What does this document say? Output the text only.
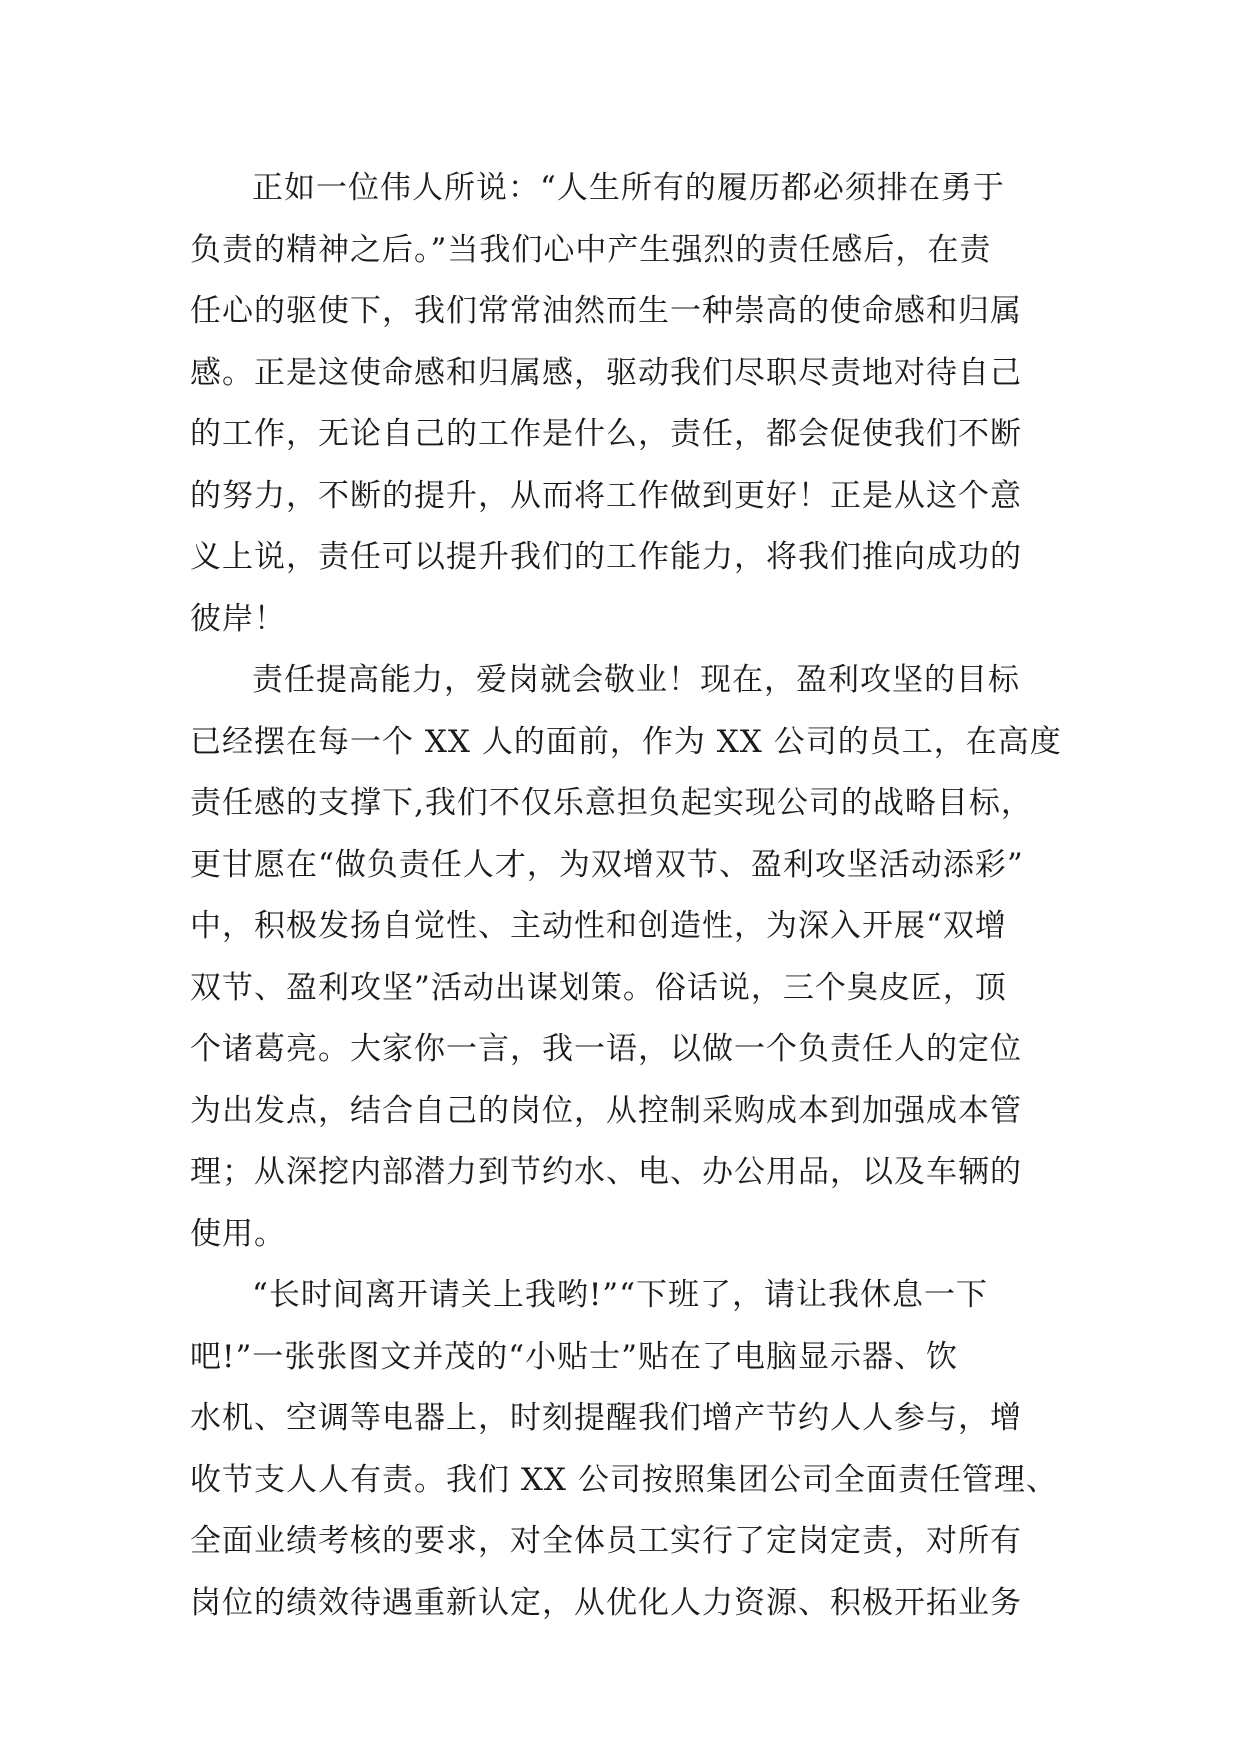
正如一位伟人所说：“人生所有的履历都必须排在勇于
负责的精神之后。”当我们心中产生强烈的责任感后，在责
任心的驱使下，我们常常油然而生一种崇高的使命感和归属
感。正是这使命感和归属感，驱动我们尽职尽责地对待自己
的工作，无论自己的工作是什么，责任，都会促使我们不断
的努力，不断的提升，从而将工作做到更好！正是从这个意
义上说，责任可以提升我们的工作能力，将我们推向成功的
彼岸！
责任提高能力，爱岗就会敬业！现在，盈利攻坚的目标
已经摆在每一个 XX 人的面前，作为 XX 公司的员工，在高度
责任感的支撑下,我们不仅乐意担负起实现公司的战略目标，
更甘愿在“做负责任人才，为双增双节、盈利攻坚活动添彩”
中，积极发扬自觉性、主动性和创造性，为深入开展“双增
双节、盈利攻坚”活动出谋划策。俗话说，三个臭皮匠，顶
个诸葛亮。大家你一言，我一语，以做一个负责任人的定位
为出发点，结合自己的岗位，从控制采购成本到加强成本管
理；从深挖内部潜力到节约水、电、办公用品，以及车辆的
使用。
“长时间离开请关上我哟!”“下班了，请让我休息一下
吧!”一张张图文并茂的“小贴士”贴在了电脑显示器、饮
水机、空调等电器上，时刻提醒我们增产节约人人参与，增
收节支人人有责。我们 XX 公司按照集团公司全面责任管理、
全面业绩考核的要求，对全体员工实行了定岗定责，对所有
岗位的绩效待遇重新认定，从优化人力资源、积极开拓业务
